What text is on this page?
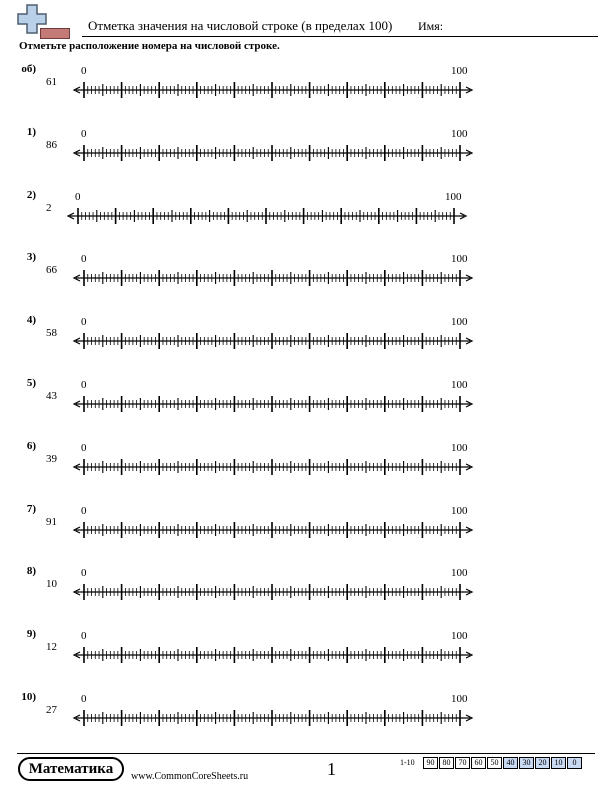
Отметка значения на числовой строке (в пределах 100) Имя:
Отметьте расположение номера на числовой строке.
об)
61
0	100
1)
86
0	100
2)
2
0	100
3)
66
0	100
4)
58
0	100
5)
43
0	100
6)
39
0	100
7)
91
0	100
8)
10
0	100
9)
12
0	100
10)
27
0	100
Математика	www.CommonCoreSheets.ru	1	1-10	90	80	70	60	50	40	30	20	10	0
